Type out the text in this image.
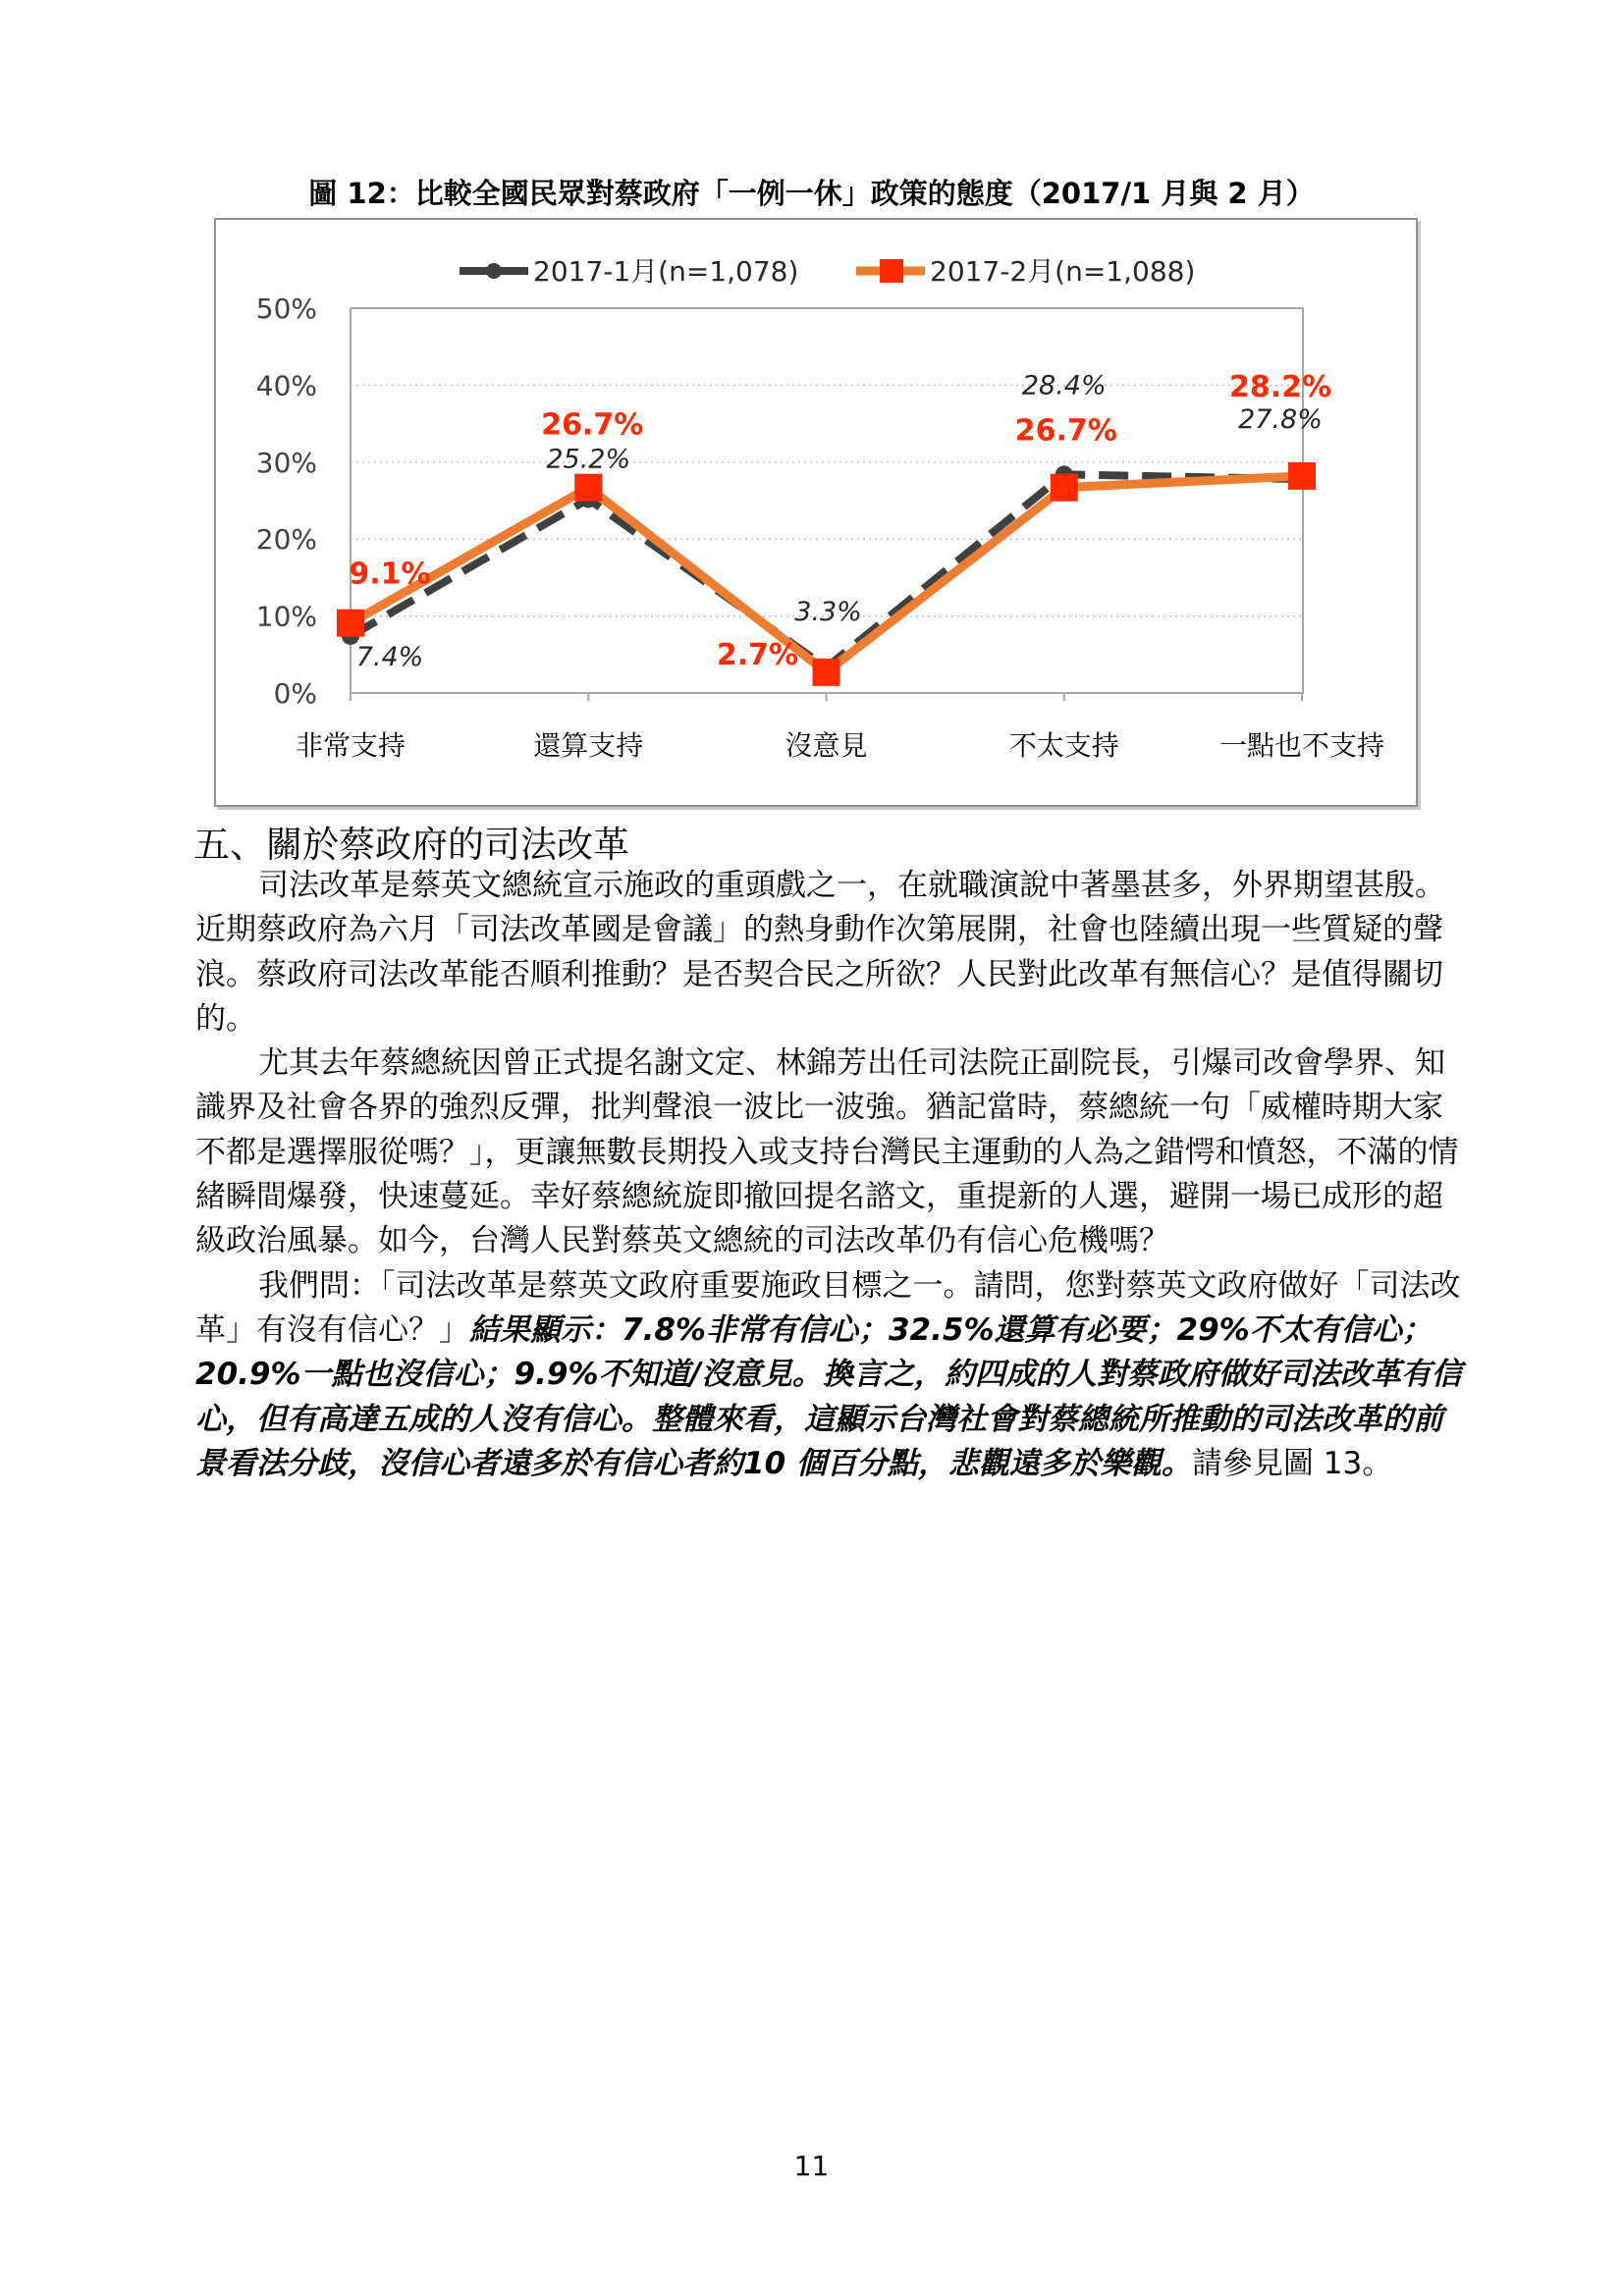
圖 12：比較全國民眾對蔡政府「一例一休」政策的態度（2017/1 月與 2 月）
0%
10%
20%
30%
40%
50%
非常支持	還算支持	沒意見	不太支持	一點也不支持
7.4%
25.2%
3.3%
28.4%
27.8%
9.1%
26.7%
2.7%
26.7%
28.2%
2017-1月(n=1,078)	2017-2月(n=1,088)
五、關於蔡政府的司法改革

司法改革是蔡英文總統宣示施政的重頭戲之一，在就職演說中著墨甚多，外界期望甚殷。近期蔡政府為六月「司法改革國是會議」的熱身動作次第展開，社會也陸續出現一些質疑的聲浪。蔡政府司法改革能否順利推動？是否契合民之所欲？人民對此改革有無信心？是值得關切的。

尤其去年蔡總統因曾正式提名謝文定、林錦芳出任司法院正副院長，引爆司改會學界、知識界及社會各界的強烈反彈，批判聲浪一波比一波強。猶記當時，蔡總統一句「威權時期大家不都是選擇服從嗎？」，更讓無數長期投入或支持台灣民主運動的人為之錯愕和憤怒，不滿的情緒瞬間爆發，快速蔓延。幸好蔡總統旋即撤回提名諮文，重提新的人選，避開一場已成形的超級政治風暴。如今，台灣人民對蔡英文總統的司法改革仍有信心危機嗎？

我們問：「司法改革是蔡英文政府重要施政目標之一。請問，您對蔡英文政府做好「司法改革」有沒有信心？」結果顯示：7.8%非常有信心；32.5%還算有必要；29%不太有信心；20.9%一點也沒信心；9.9%不知道/沒意見。換言之，約四成的人對蔡政府做好司法改革有信心，但有高達五成的人沒有信心。整體來看，這顯示台灣社會對蔡總統所推動的司法改革的前景看法分歧，沒信心者遠多於有信心者約10 個百分點，悲觀遠多於樂觀。請參見圖 13。

11
